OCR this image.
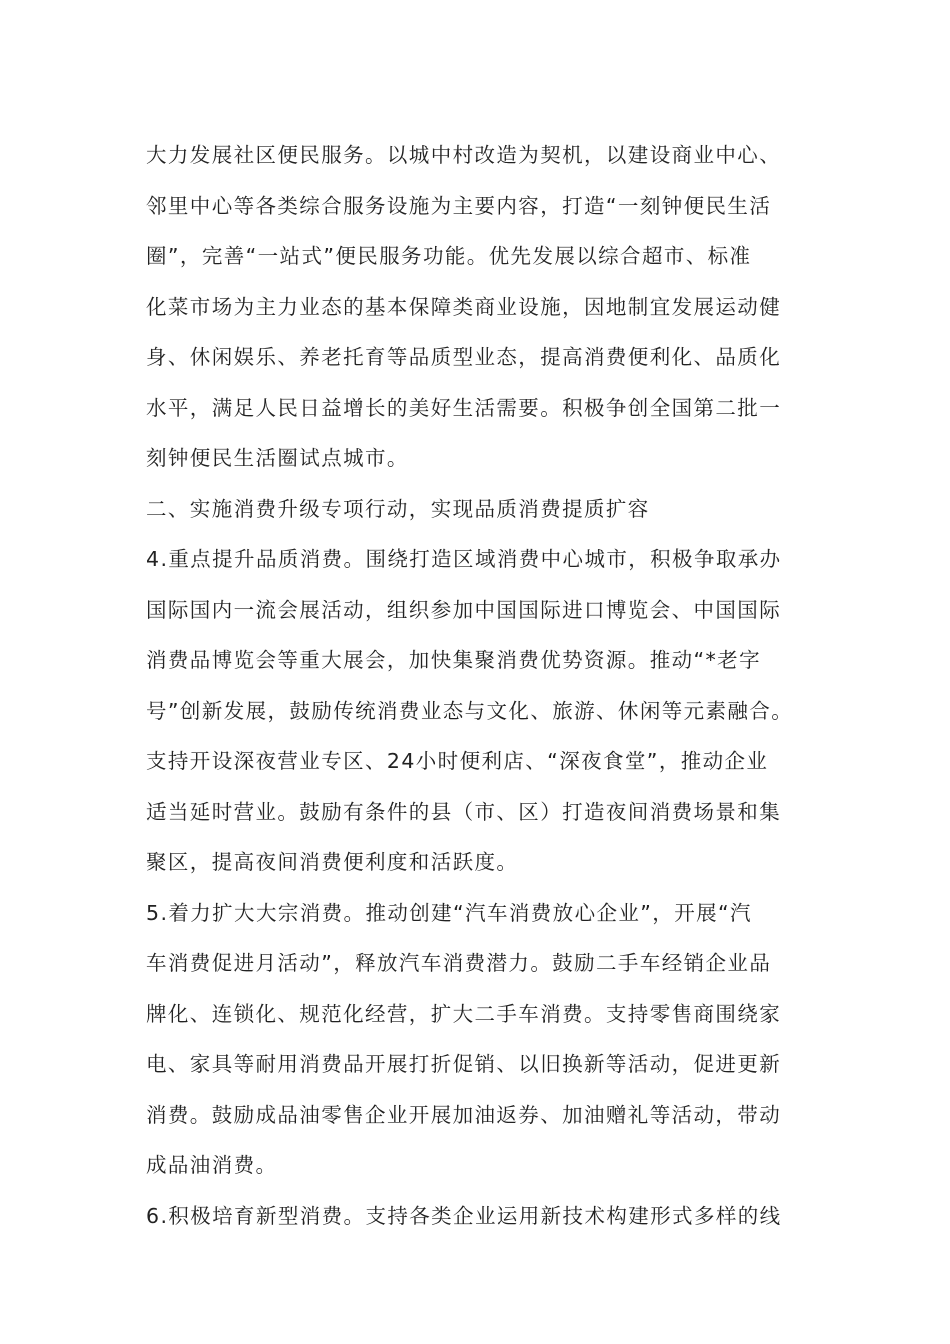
大力发展社区便民服务。以城中村改造为契机，以建设商业中心、
邻里中心等各类综合服务设施为主要内容，打造“一刻钟便民生活
圈”，完善“一站式”便民服务功能。优先发展以综合超市、标准
化菜市场为主力业态的基本保障类商业设施，因地制宜发展运动健
身、休闲娱乐、养老托育等品质型业态，提高消费便利化、品质化
水平，满足人民日益增长的美好生活需要。积极争创全国第二批一
刻钟便民生活圈试点城市。
二、实施消费升级专项行动，实现品质消费提质扩容
4.重点提升品质消费。围绕打造区域消费中心城市，积极争取承办
国际国内一流会展活动，组织参加中国国际进口博览会、中国国际
消费品博览会等重大展会，加快集聚消费优势资源。推动“*老字
号”创新发展，鼓励传统消费业态与文化、旅游、休闲等元素融合。
支持开设深夜营业专区、24小时便利店、“深夜食堂”，推动企业
适当延时营业。鼓励有条件的县（市、区）打造夜间消费场景和集
聚区，提高夜间消费便利度和活跃度。
5.着力扩大大宗消费。推动创建“汽车消费放心企业”，开展“汽
车消费促进月活动”，释放汽车消费潜力。鼓励二手车经销企业品
牌化、连锁化、规范化经营，扩大二手车消费。支持零售商围绕家
电、家具等耐用消费品开展打折促销、以旧换新等活动，促进更新
消费。鼓励成品油零售企业开展加油返券、加油赠礼等活动，带动
成品油消费。
6.积极培育新型消费。支持各类企业运用新技术构建形式多样的线
